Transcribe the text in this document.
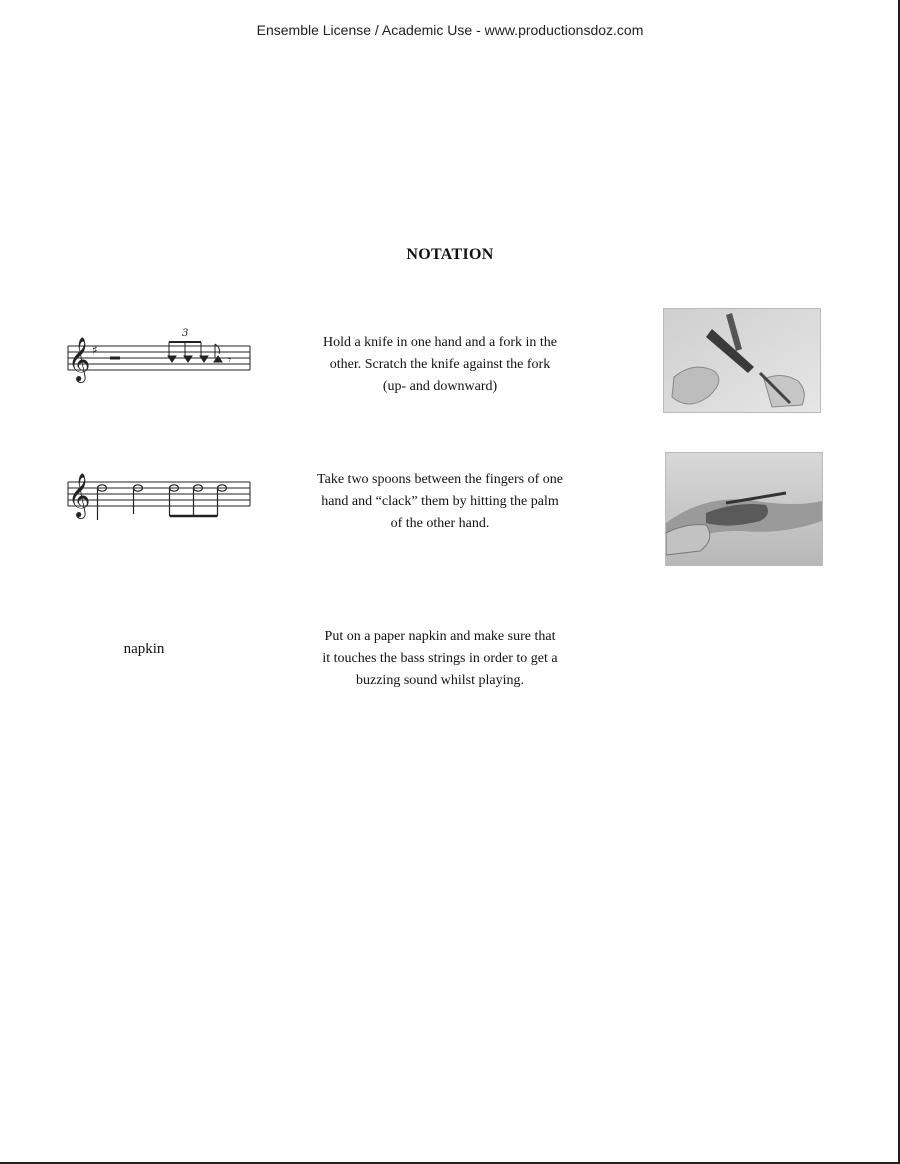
Ensemble License / Academic Use - www.productionsdoz.com
NOTATION
𝄞 ♯
𝄾
3
Hold a knife in one hand and a fork in the
other. Scratch the knife against the fork
(up- and downward)
𝄞	Take two spoons between the fingers of one
hand and “clack” them by hitting the palm
of the other hand.
napkin
Put on a paper napkin and make sure that
it touches the bass strings in order to get a
buzzing sound whilst playing.
